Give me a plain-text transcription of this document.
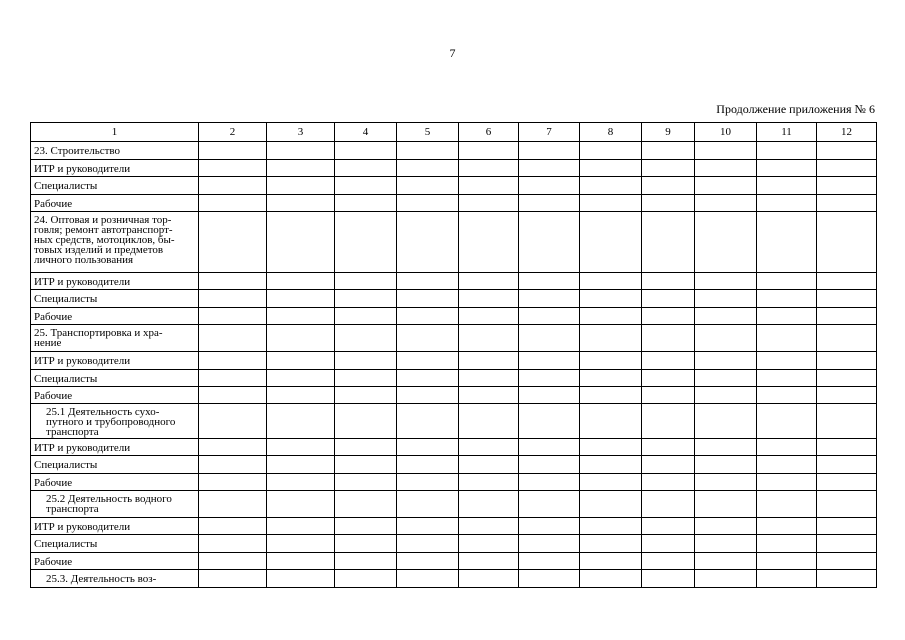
7
Продолжение приложения № 6
1	2	3	4	5	6	7	8	9	10	11	12
23. Строительство											
ИТР и руководители											
Специалисты											
Рабочие											
24. Оптовая и розничная тор-
говля; ремонт автотранспорт-
ных средств, мотоциклов, бы-
товых изделий и предметов
личного пользования											
ИТР и руководители											
Специалисты											
Рабочие											
25. Транспортировка и хра-
нение											
ИТР и руководители											
Специалисты											
Рабочие											
25.1 Деятельность сухо-
путного и трубопроводного
транспорта											
ИТР и руководители											
Специалисты											
Рабочие											
25.2 Деятельность водного
транспорта											
ИТР и руководители											
Специалисты											
Рабочие											
25.3. Деятельность воз-											
